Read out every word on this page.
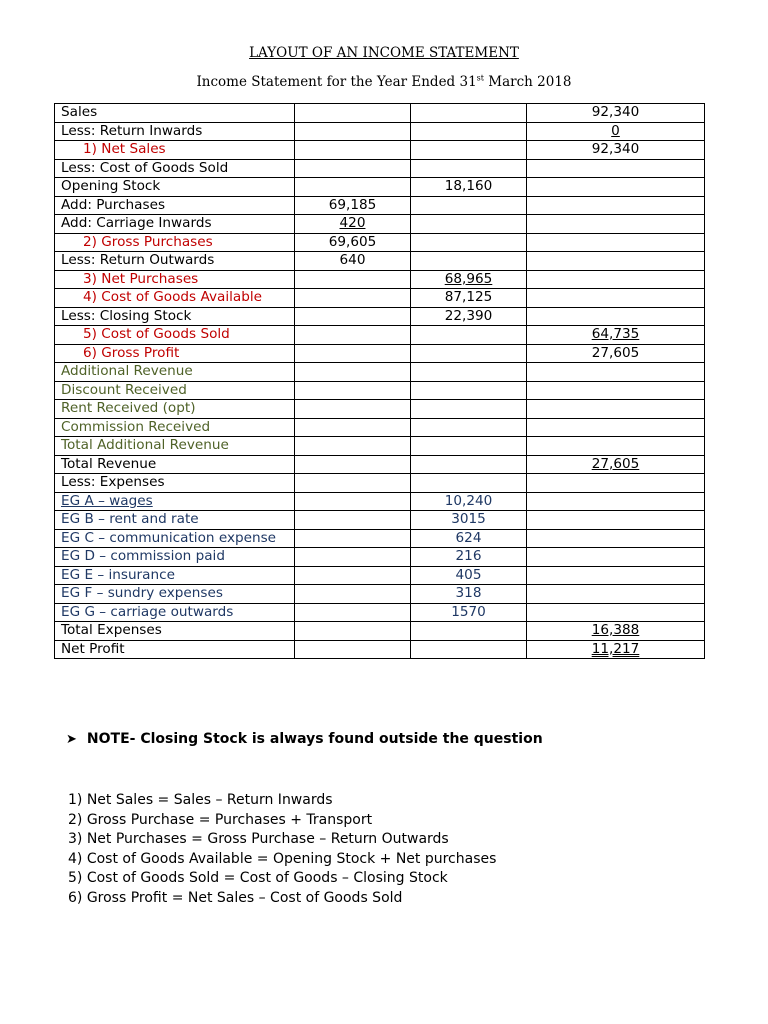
LAYOUT OF AN INCOME STATEMENT

Income Statement for the Year Ended 31st March 2018

Sales			92,340
Less: Return Inwards			0
1) Net Sales			92,340
Less: Cost of Goods Sold			
Opening Stock		18,160	
Add: Purchases	69,185		
Add: Carriage Inwards	420		
2) Gross Purchases	69,605		
Less: Return Outwards	640		
3) Net Purchases		68,965	
4) Cost of Goods Available		87,125	
Less: Closing Stock		22,390	
5) Cost of Goods Sold			64,735
6) Gross Profit			27,605
Additional Revenue			
Discount Received			
Rent Received (opt)			
Commission Received			
Total Additional Revenue			
Total Revenue			27,605
Less: Expenses			
EG A – wages		10,240	
EG B – rent and rate		3015	
EG C – communication expense		624	
EG D – commission paid		216	
EG E – insurance		405	
EG F – sundry expenses		318	
EG G – carriage outwards		1570	
Total Expenses			16,388
Net Profit			11,217

➤ NOTE- Closing Stock is always found outside the question

1) Net Sales = Sales – Return Inwards
2) Gross Purchase = Purchases + Transport
3) Net Purchases = Gross Purchase – Return Outwards
4) Cost of Goods Available = Opening Stock + Net purchases
5) Cost of Goods Sold = Cost of Goods – Closing Stock
6) Gross Profit = Net Sales – Cost of Goods Sold
